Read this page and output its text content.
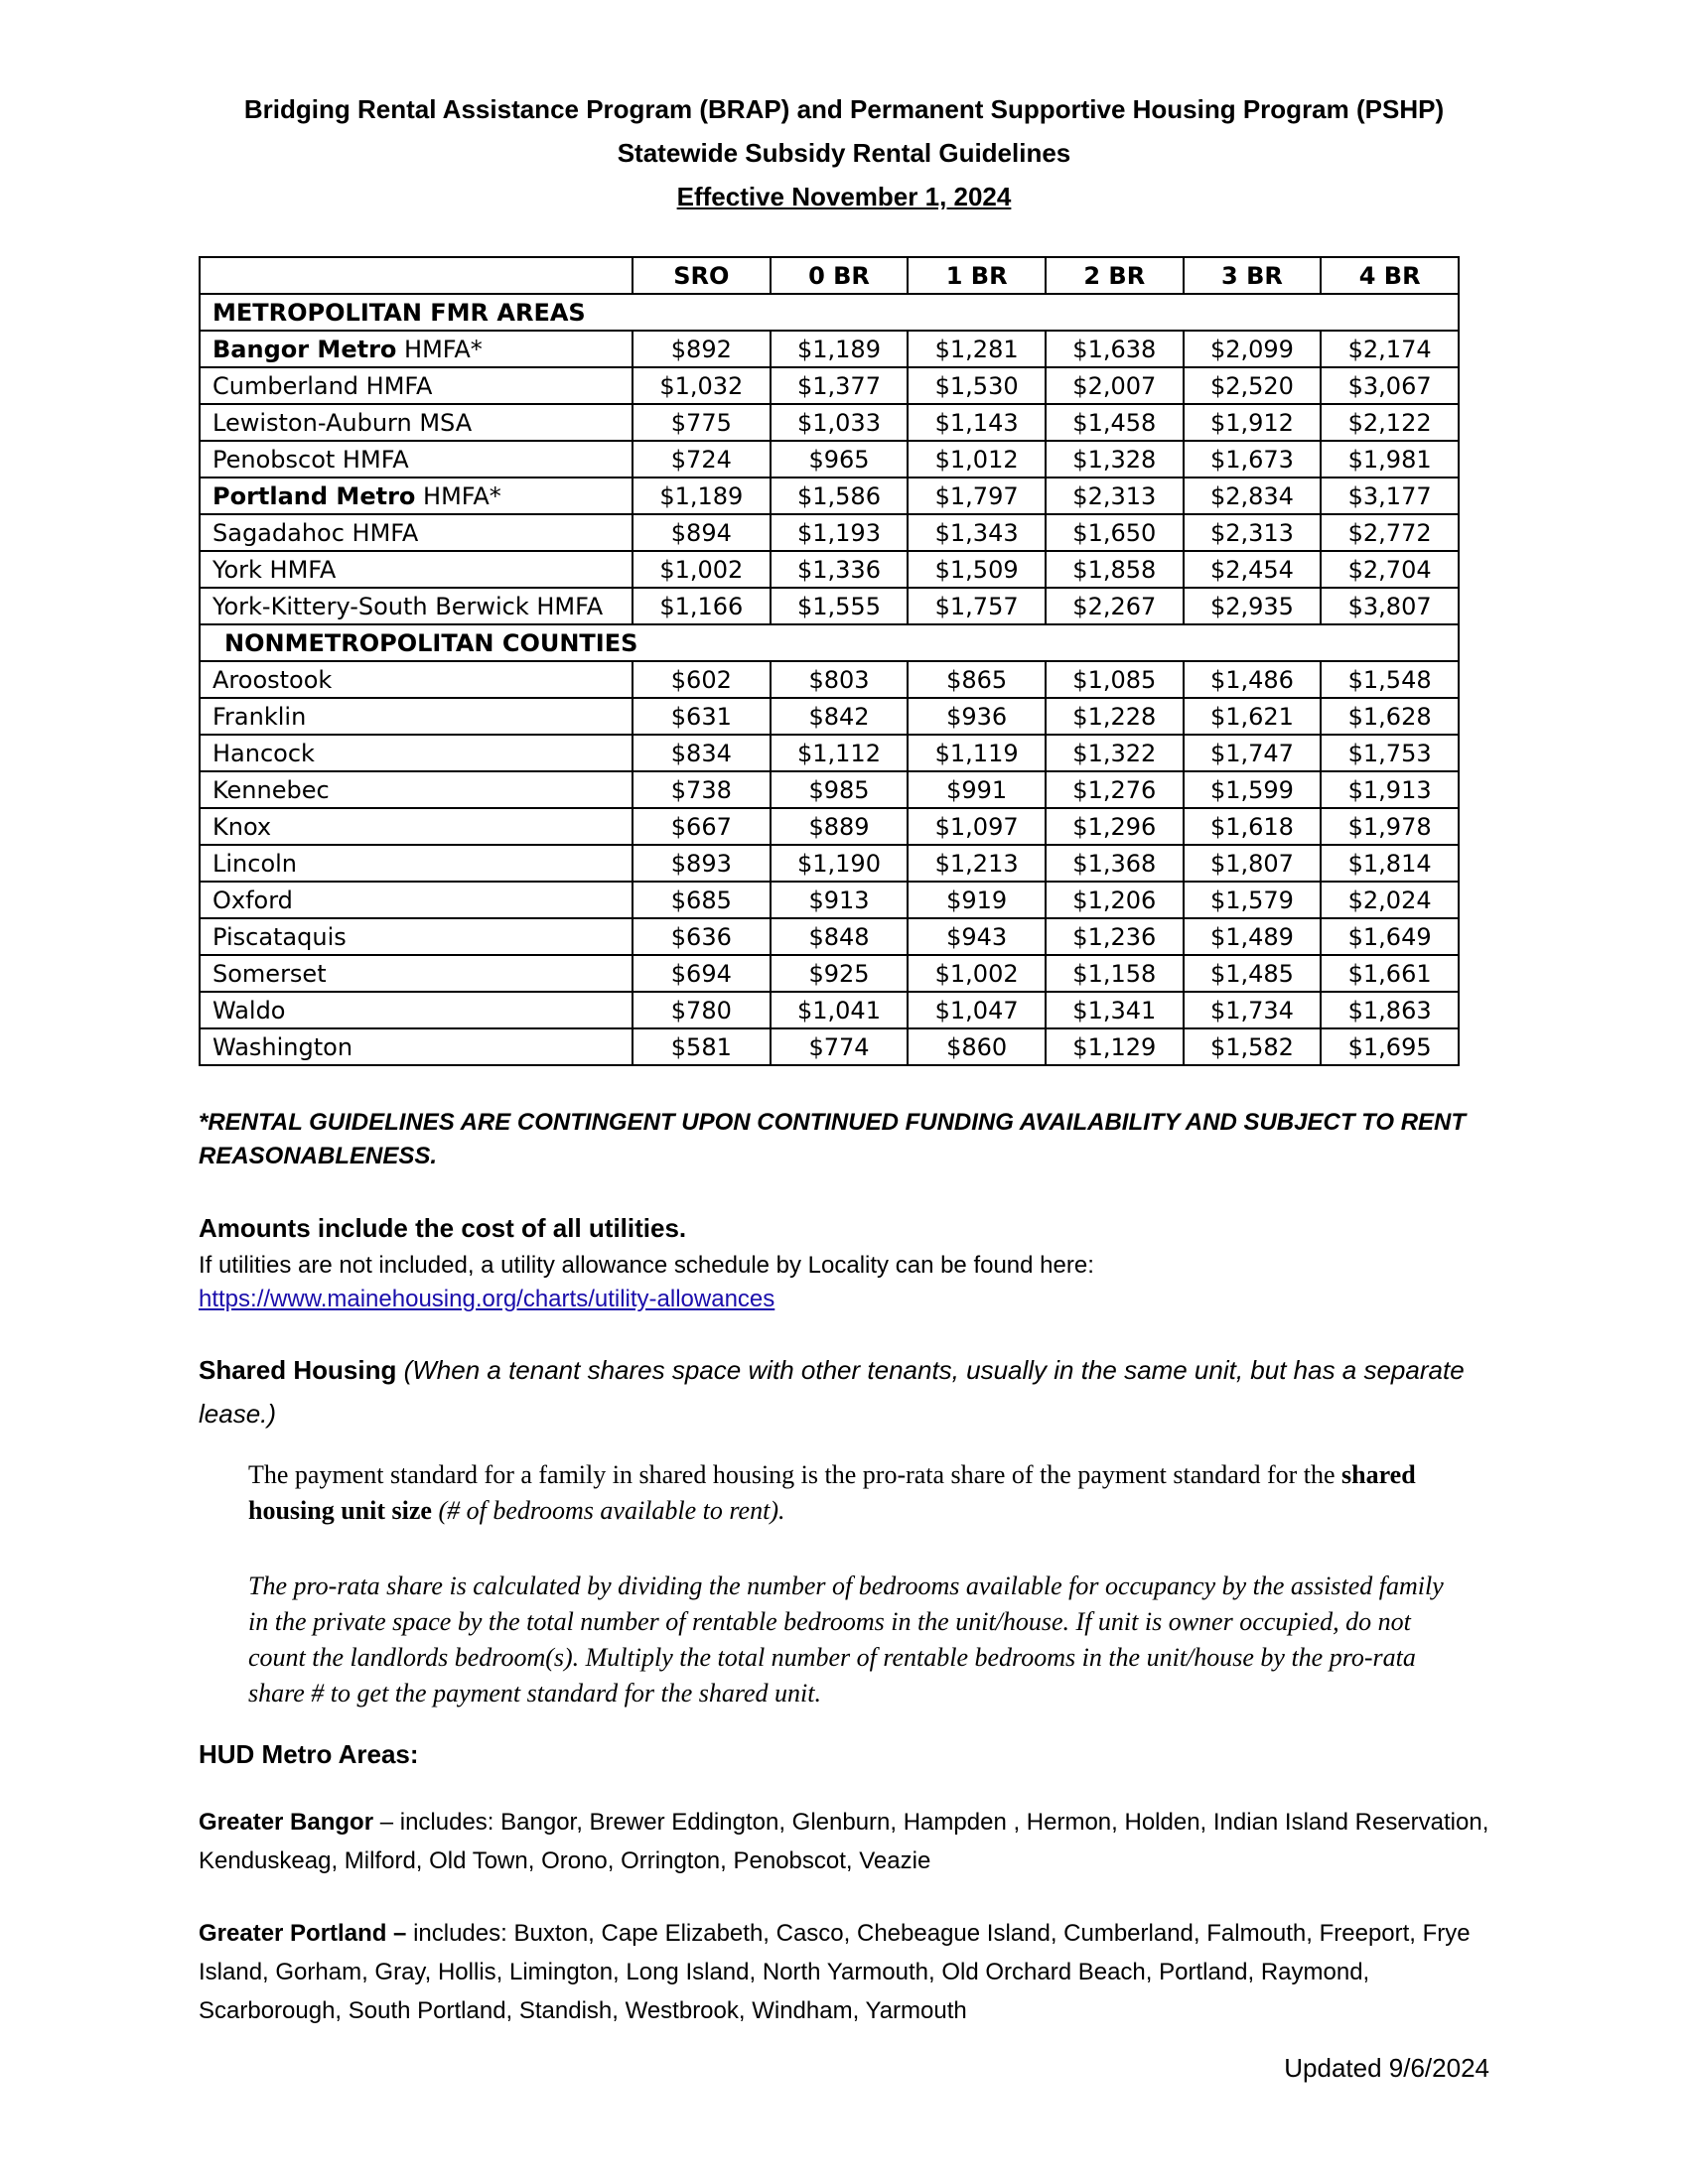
Bridging Rental Assistance Program (BRAP) and Permanent Supportive Housing Program (PSHP)
Statewide Subsidy Rental Guidelines
Effective November 1, 2024
	SRO	0 BR	1 BR	2 BR	3 BR	4 BR
METROPOLITAN FMR AREAS						
Bangor Metro HMFA*	$892	$1,189	$1,281	$1,638	$2,099	$2,174
Cumberland HMFA	$1,032	$1,377	$1,530	$2,007	$2,520	$3,067
Lewiston-Auburn MSA	$775	$1,033	$1,143	$1,458	$1,912	$2,122
Penobscot HMFA	$724	$965	$1,012	$1,328	$1,673	$1,981
Portland Metro HMFA*	$1,189	$1,586	$1,797	$2,313	$2,834	$3,177
Sagadahoc HMFA	$894	$1,193	$1,343	$1,650	$2,313	$2,772
York HMFA	$1,002	$1,336	$1,509	$1,858	$2,454	$2,704
York-Kittery-South Berwick HMFA	$1,166	$1,555	$1,757	$2,267	$2,935	$3,807
NONMETROPOLITAN COUNTIES						
Aroostook	$602	$803	$865	$1,085	$1,486	$1,548
Franklin	$631	$842	$936	$1,228	$1,621	$1,628
Hancock	$834	$1,112	$1,119	$1,322	$1,747	$1,753
Kennebec	$738	$985	$991	$1,276	$1,599	$1,913
Knox	$667	$889	$1,097	$1,296	$1,618	$1,978
Lincoln	$893	$1,190	$1,213	$1,368	$1,807	$1,814
Oxford	$685	$913	$919	$1,206	$1,579	$2,024
Piscataquis	$636	$848	$943	$1,236	$1,489	$1,649
Somerset	$694	$925	$1,002	$1,158	$1,485	$1,661
Waldo	$780	$1,041	$1,047	$1,341	$1,734	$1,863
Washington	$581	$774	$860	$1,129	$1,582	$1,695
*RENTAL GUIDELINES ARE CONTINGENT UPON CONTINUED FUNDING AVAILABILITY AND SUBJECT TO RENT REASONABLENESS.
Amounts include the cost of all utilities.
If utilities are not included, a utility allowance schedule by Locality can be found here:
https://www.mainehousing.org/charts/utility-allowances
Shared Housing (When a tenant shares space with other tenants, usually in the same unit, but has a separate lease.)
The payment standard for a family in shared housing is the pro-rata share of the payment standard for the shared housing unit size (# of bedrooms available to rent).
The pro-rata share is calculated by dividing the number of bedrooms available for occupancy by the assisted family in the private space by the total number of rentable bedrooms in the unit/house. If unit is owner occupied, do not count the landlords bedroom(s). Multiply the total number of rentable bedrooms in the unit/house by the pro-rata share # to get the payment standard for the shared unit.
HUD Metro Areas:
Greater Bangor – includes: Bangor, Brewer Eddington, Glenburn, Hampden , Hermon, Holden, Indian Island Reservation, Kenduskeag, Milford, Old Town, Orono, Orrington, Penobscot, Veazie
Greater Portland – includes: Buxton, Cape Elizabeth, Casco, Chebeague Island, Cumberland, Falmouth, Freeport, Frye Island, Gorham, Gray, Hollis, Limington, Long Island, North Yarmouth, Old Orchard Beach, Portland, Raymond, Scarborough, South Portland, Standish, Westbrook, Windham, Yarmouth
Updated 9/6/2024
